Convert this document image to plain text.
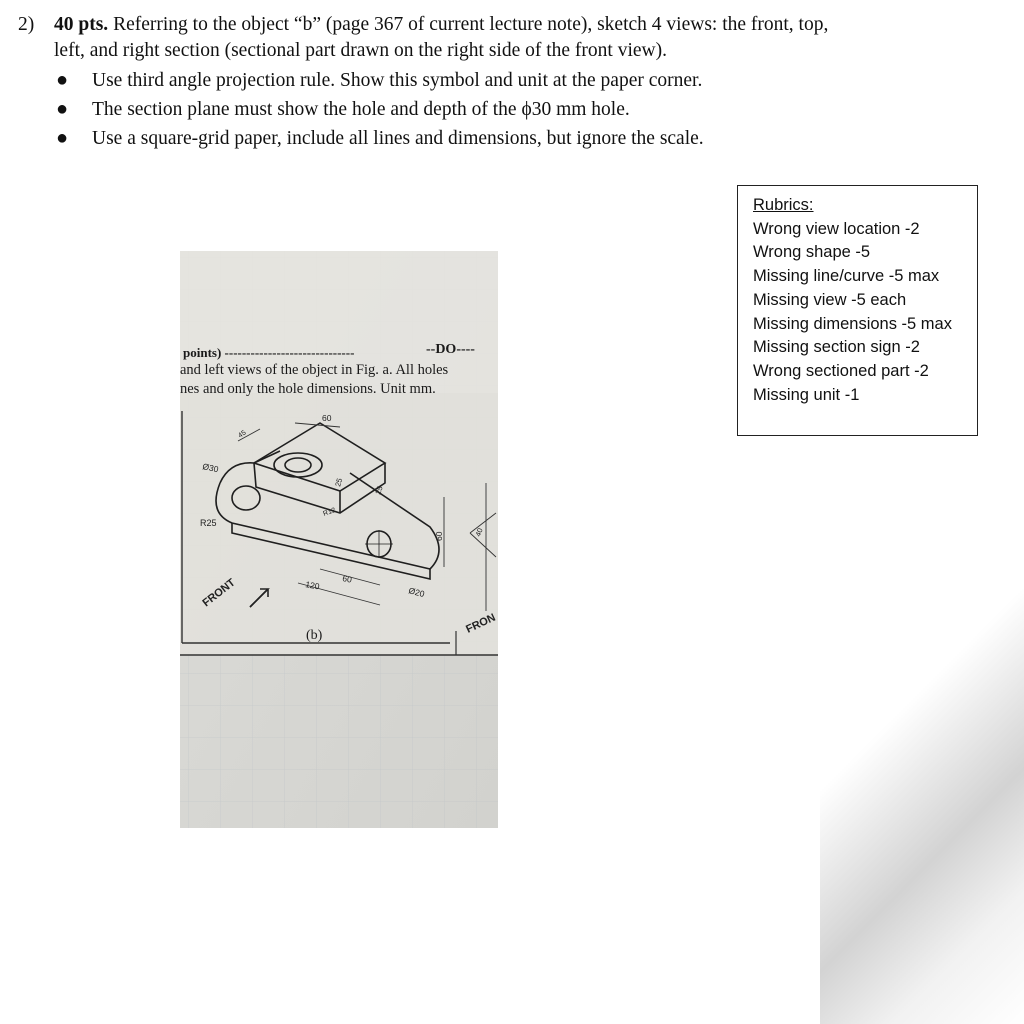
2) 40 pts. Referring to the object “b” (page 367 of current lecture note), sketch 4 views: the front, top,
left, and right section (sectional part drawn on the right side of the front view).
● Use third angle projection rule. Show this symbol and unit at the paper corner.
● The section plane must show the hole and depth of the ϕ30 mm hole.
● Use a square-grid paper, include all lines and dimensions, but ignore the scale.
Rubrics:
Wrong view location -2
Wrong shape -5
Missing line/curve -5 max
Missing view -5 each
Missing dimensions -5 max
Missing section sign -2
Wrong sectioned part -2
Missing unit -1
points) ------------------------------	--DO----
and left views of the object in Fig. a. All holes
nes and only the hole dimensions. Unit mm.
60
45
Ø30
R25
R12
25
25
60
120
60
Ø20
40
FRONT
FRON
(b)
